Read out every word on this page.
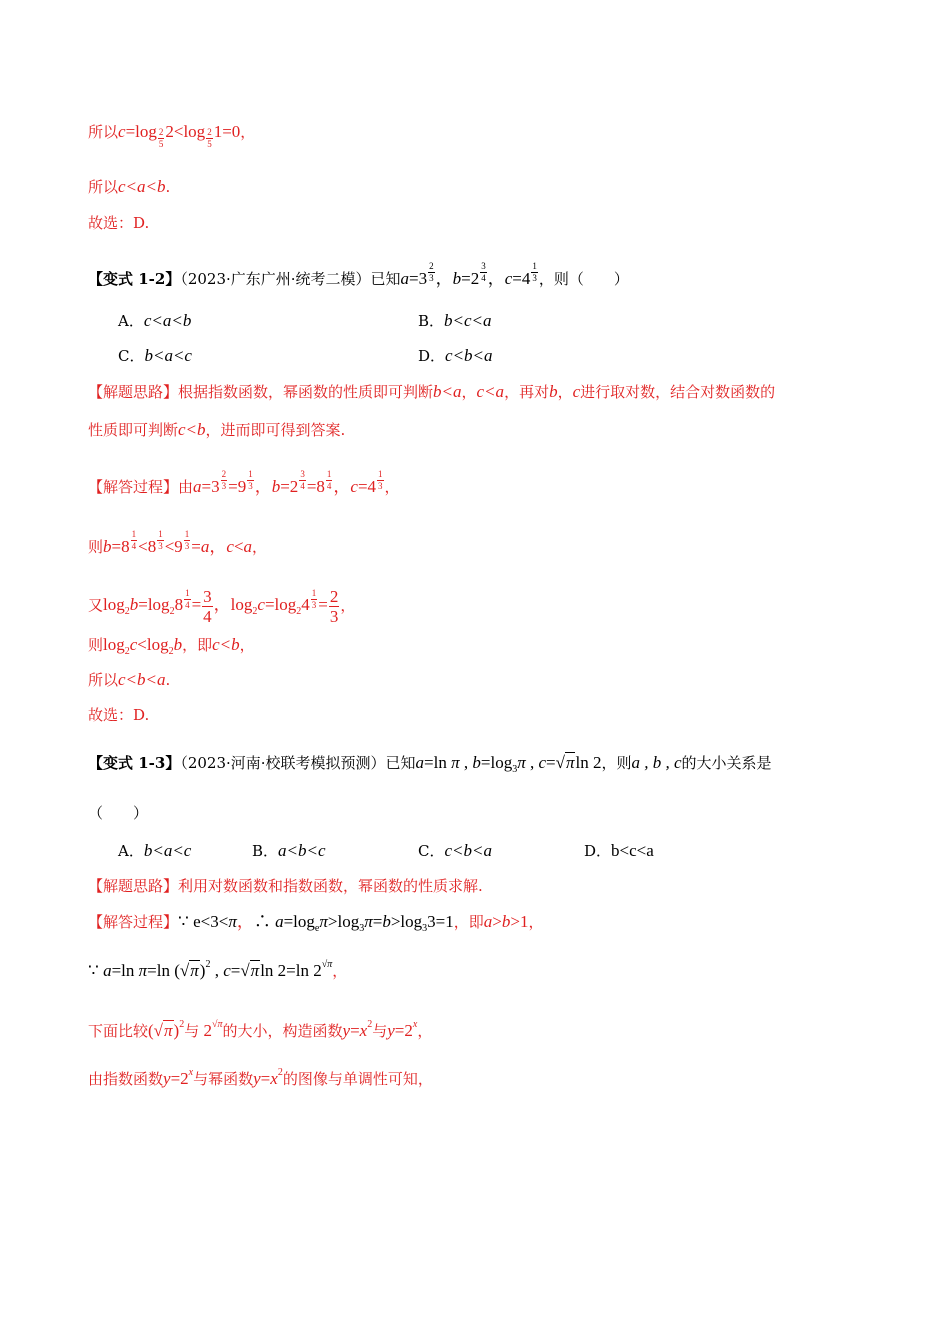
所以c=log $_{\frac{2}{5}}$ 2<log $_{\frac{2}{5}}$ 1=0，
所以c<a<b.
故选：D.
【变式 1-2】（2023·广东广州·统考二模）已知a=3 $^{\frac{2}{3}}$ ，b=2 $^{\frac{3}{4}}$ ，c=4 $^{\frac{1}{3}}$ ，则（　　）
A．c<a<b	B．b<c<a
C．b<a<c	D．c<b<a
【解题思路】根据指数函数，幂函数的性质即可判断b<a，c<a，再对b，c进行取对数，结合对数函数的
性质即可判断c<b，进而即可得到答案.
【解答过程】由a=3 $^{\frac{2}{3}}$ =9 $^{\frac{1}{3}}$ ，b=2 $^{\frac{3}{4}}$ =8 $^{\frac{1}{4}}$ ，c=4 $^{\frac{1}{3}}$ ，
则b=8 $^{\frac{1}{4}}$ <8 $^{\frac{1}{3}}$ <9 $^{\frac{1}{3}}$ =a，c<a，
又$\log_2b=\log_28$ $^{\frac{1}{4}} = \frac{3}{4}$ ，$\log_2c=\log_24$ $^{\frac{1}{3}} = \frac{2}{3}$ ，
则$\log_2c<\log_2b$，即c<b，
所以c<b<a.
故选：D.
【变式 1-3】（2023·河南·校联考模拟预测）已知a=ln π , $b=\log_3\pi$ , c=√πln 2，则a , b , c的大小关系是
（　　）
A．b<a<c	B．a<b<c	C．c<b<a	D．b<c<a
【解题思路】利用对数函数和指数函数，幂函数的性质求解.
【解答过程】∵ e<3<π，∴ $a=\log_e\pi>\log_3\pi=b>\log_33=1$，即a>b>1，
∵ a=ln π=ln $(√\pi)^2$ , c=√πln 2=ln $2^{√\pi}$，
下面比较$(√\pi)^2$与 $2^{√\pi}$的大小，构造函数$y=x^2$与$y=2^x$，
由指数函数$y=2^x$与幂函数$y=x^2$的图像与单调性可知，
